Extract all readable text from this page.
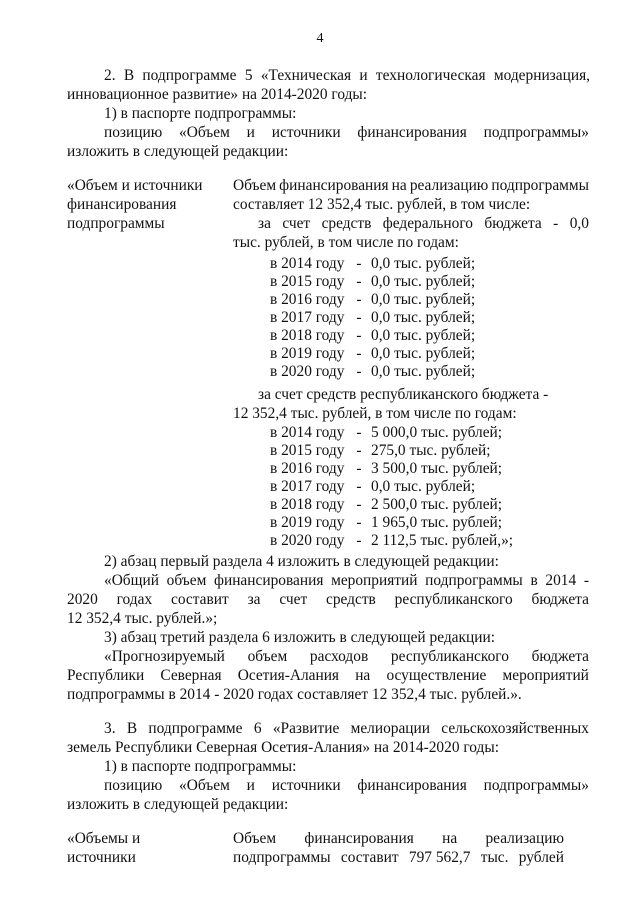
4
2. В подпрограмме 5 «Техническая и технологическая модернизация,
инновационное развитие» на 2014-2020 годы:
1) в паспорте подпрограммы:
позицию «Объем и источники финансирования подпрограммы»
изложить в следующей редакции:
«Объем и источники
финансирования
подпрограммы
Объем финансирования на реализацию подпрограммы
составляет 12 352,4 тыс. рублей, в том числе:
за счет средств федерального бюджета - 0,0
тыс. рублей, в том числе по годам:
в 2014 году - 0,0 тыс. рублей;
в 2015 году - 0,0 тыс. рублей;
в 2016 году - 0,0 тыс. рублей;
в 2017 году - 0,0 тыс. рублей;
в 2018 году - 0,0 тыс. рублей;
в 2019 году - 0,0 тыс. рублей;
в 2020 году - 0,0 тыс. рублей;
за счет средств республиканского бюджета -
12 352,4 тыс. рублей, в том числе по годам:
в 2014 году - 5 000,0 тыс. рублей;
в 2015 году - 275,0 тыс. рублей;
в 2016 году - 3 500,0 тыс. рублей;
в 2017 году - 0,0 тыс. рублей;
в 2018 году - 2 500,0 тыс. рублей;
в 2019 году - 1 965,0 тыс. рублей;
в 2020 году - 2 112,5 тыс. рублей,»;
2) абзац первый раздела 4 изложить в следующей редакции:
«Общий объем финансирования мероприятий подпрограммы в 2014 -
2020 годах составит за счет средств республиканского бюджета
12 352,4 тыс. рублей.»;
3) абзац третий раздела 6 изложить в следующей редакции:
«Прогнозируемый объем расходов республиканского бюджета
Республики Северная Осетия-Алания на осуществление мероприятий
подпрограммы в 2014 - 2020 годах составляет 12 352,4 тыс. рублей.».
3. В подпрограмме 6 «Развитие мелиорации сельскохозяйственных
земель Республики Северная Осетия-Алания» на 2014-2020 годы:
1) в паспорте подпрограммы:
позицию «Объем и источники финансирования подпрограммы»
изложить в следующей редакции:
«Объемы и
источники
Объем финансирования на реализацию
подпрограммы составит 797 562,7 тыс. рублей
